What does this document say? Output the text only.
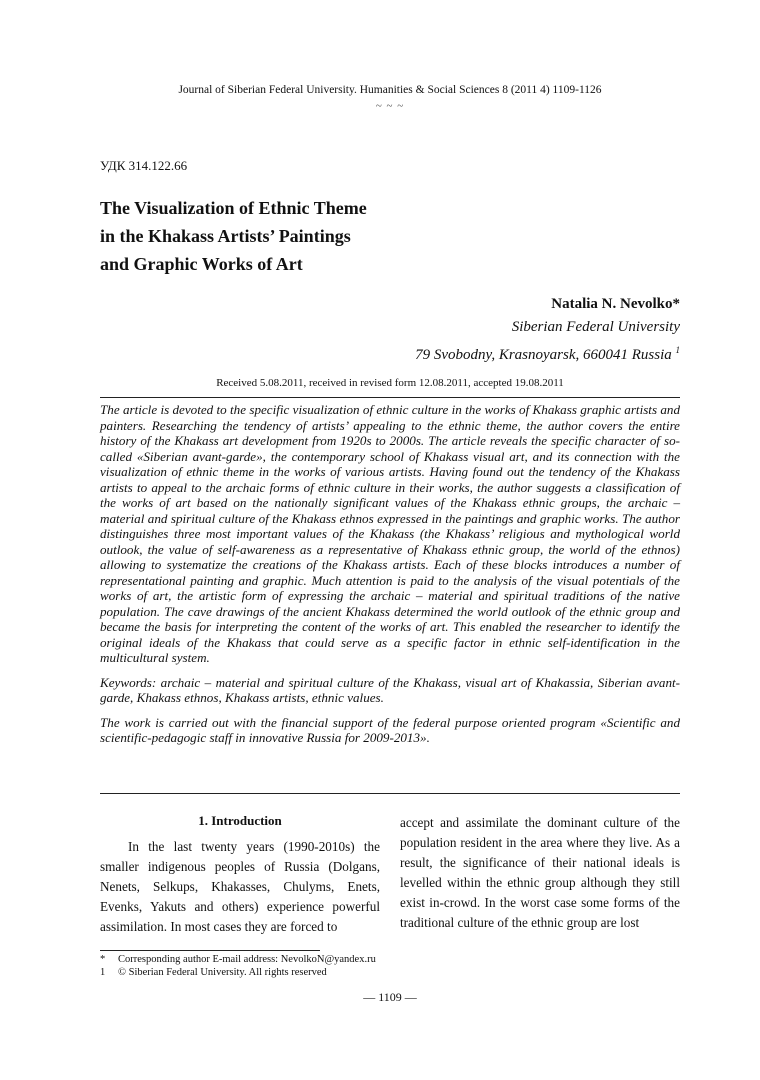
Journal of Siberian Federal University. Humanities & Social Sciences 8 (2011 4) 1109-1126
~ ~ ~
УДК 314.122.66
The Visualization of Ethnic Theme
in the Khakass Artists’ Paintings
and Graphic Works of Art
Natalia N. Nevolko*
Siberian Federal University
79 Svobodny, Krasnoyarsk, 660041 Russia $^1$
Received 5.08.2011, received in revised form 12.08.2011, accepted 19.08.2011

The article is devoted to the specific visualization of ethnic culture in the works of Khakass graphic artists and painters. Researching the tendency of artists’ appealing to the ethnic theme, the author covers the entire history of the Khakass art development from 1920s to 2000s. The article reveals the specific character of so-called «Siberian avant-garde», the contemporary school of Khakass visual art, and its connection with the visualization of ethnic theme in the works of various artists. Having found out the tendency of the Khakass artists to appeal to the archaic forms of ethnic culture in their works, the author suggests a classification of the works of art based on the nationally significant values of the Khakass ethnic groups, the archaic – material and spiritual culture of the Khakass ethnos expressed in the paintings and graphic works. The author distinguishes three most important values of the Khakass (the Khakass’ religious and mythological world outlook, the value of self-awareness as a representative of Khakass ethnic group, the world of the ethnos) allowing to systematize the creations of the Khakass artists. Each of these blocks introduces a number of representational painting and graphic. Much attention is paid to the analysis of the visual potentials of the works of art, the artistic form of expressing the archaic – material and spiritual traditions of the native population. The cave drawings of the ancient Khakass determined the world outlook of the ethnic group and became the basis for interpreting the content of the works of art. This enabled the researcher to identify the original ideals of the Khakass that could serve as a specific factor in ethnic self-identification in the multicultural system.

Keywords: archaic – material and spiritual culture of the Khakass, visual art of Khakassia, Siberian avant-garde, Khakass ethnos, Khakass artists, ethnic values.

The work is carried out with the financial support of the federal purpose oriented program «Scientific and scientific-pedagogic staff in innovative Russia for 2009-2013».

1. Introduction

In the last twenty years (1990-2010s) the smaller indigenous peoples of Russia (Dolgans, Nenets, Selkups, Khakasses, Chulyms, Enets, Evenks, Yakuts and others) experience powerful assimilation. In most cases they are forced to

accept and assimilate the dominant culture of the population resident in the area where they live. As a result, the significance of their national ideals is levelled within the ethnic group although they still exist in-crowd. In the worst case some forms of the traditional culture of the ethnic group are lost

*	Corresponding author E-mail address: NevolkoN@yandex.ru
1	© Siberian Federal University. All rights reserved
— 1109 —
